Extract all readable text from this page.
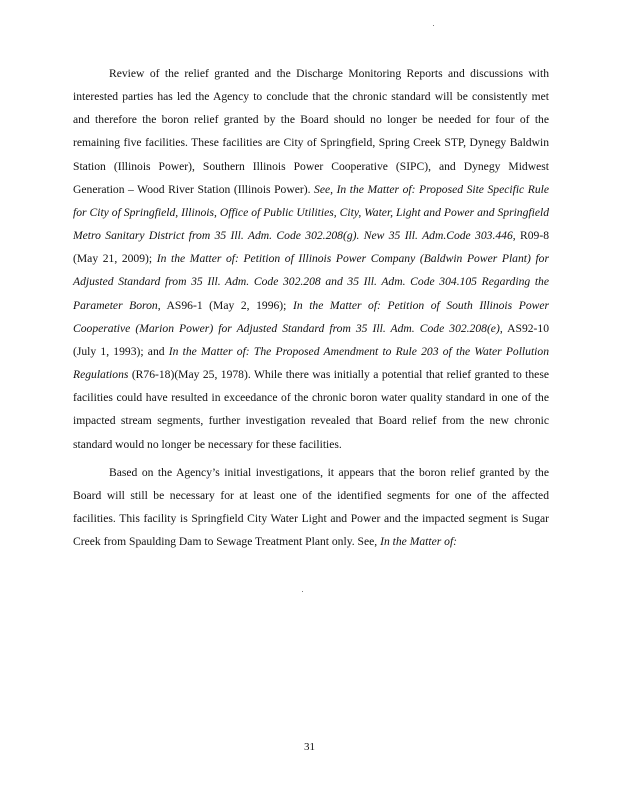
Review of the relief granted and the Discharge Monitoring Reports and discussions with interested parties has led the Agency to conclude that the chronic standard will be consistently met and therefore the boron relief granted by the Board should no longer be needed for four of the remaining five facilities. These facilities are City of Springfield, Spring Creek STP, Dynegy Baldwin Station (Illinois Power), Southern Illinois Power Cooperative (SIPC), and Dynegy Midwest Generation – Wood River Station (Illinois Power). See, In the Matter of: Proposed Site Specific Rule for City of Springfield, Illinois, Office of Public Utilities, City, Water, Light and Power and Springfield Metro Sanitary District from 35 Ill. Adm. Code 302.208(g). New 35 Ill. Adm.Code 303.446, R09-8 (May 21, 2009); In the Matter of: Petition of Illinois Power Company (Baldwin Power Plant) for Adjusted Standard from 35 Ill. Adm. Code 302.208 and 35 Ill. Adm. Code 304.105 Regarding the Parameter Boron, AS96-1 (May 2, 1996); In the Matter of: Petition of South Illinois Power Cooperative (Marion Power) for Adjusted Standard from 35 Ill. Adm. Code 302.208(e), AS92-10 (July 1, 1993); and In the Matter of: The Proposed Amendment to Rule 203 of the Water Pollution Regulations (R76-18)(May 25, 1978). While there was initially a potential that relief granted to these facilities could have resulted in exceedance of the chronic boron water quality standard in one of the impacted stream segments, further investigation revealed that Board relief from the new chronic standard would no longer be necessary for these facilities.

Based on the Agency’s initial investigations, it appears that the boron relief granted by the Board will still be necessary for at least one of the identified segments for one of the affected facilities. This facility is Springfield City Water Light and Power and the impacted segment is Sugar Creek from Spaulding Dam to Sewage Treatment Plant only. See, In the Matter of:

31
